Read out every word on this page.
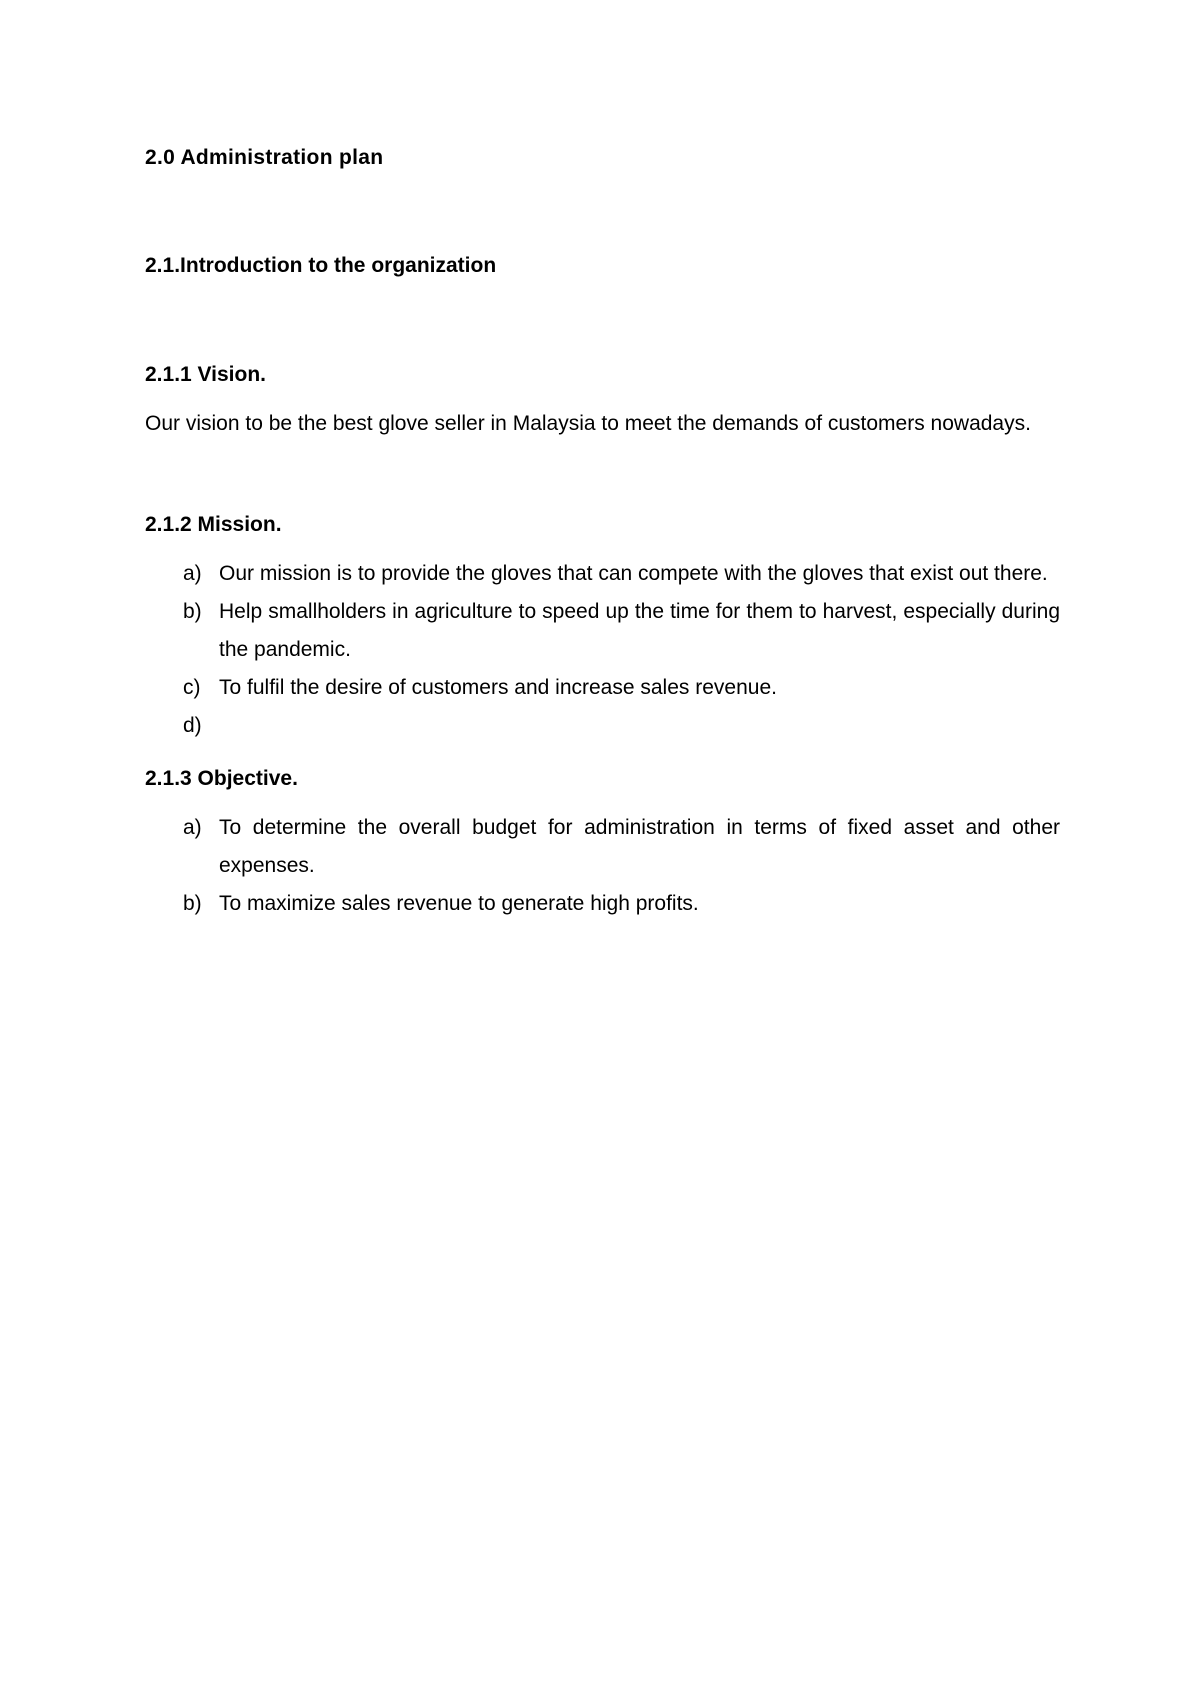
2.0 Administration plan
2.1.Introduction to the organization
2.1.1 Vision.

Our vision to be the best glove seller in Malaysia to meet the demands of customers nowadays.

2.1.2 Mission.
a) Our mission is to provide the gloves that can compete with the gloves that exist out there.
b) Help smallholders in agriculture to speed up the time for them to harvest, especially during the pandemic.
c) To fulfil the desire of customers and increase sales revenue.
d)

2.1.3 Objective.
a) To determine the overall budget for administration in terms of fixed asset and other expenses.
b) To maximize sales revenue to generate high profits.
